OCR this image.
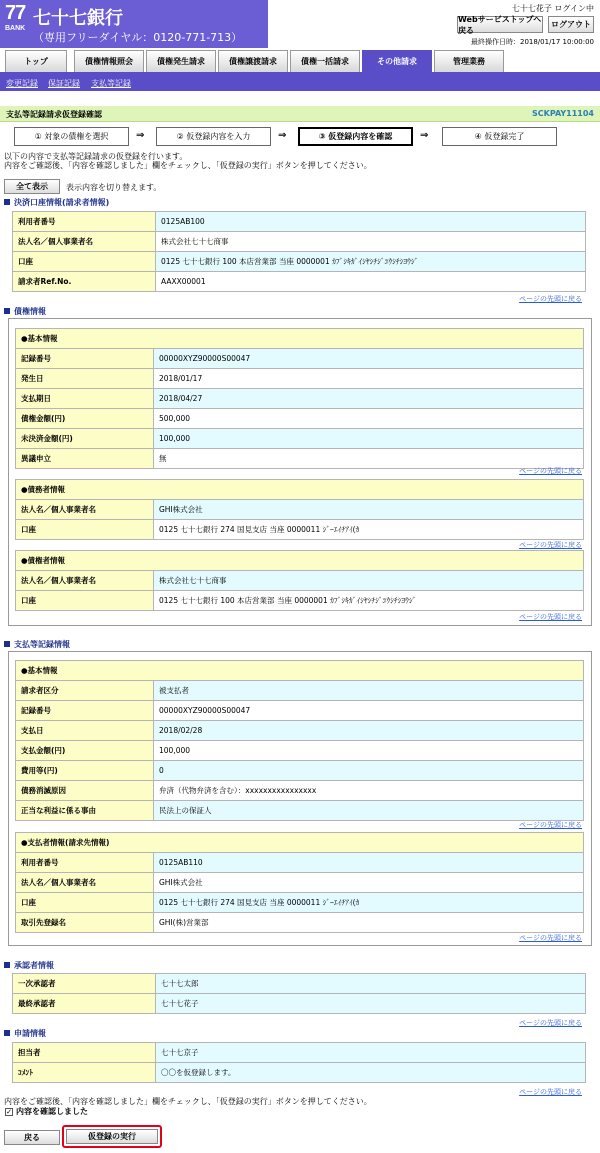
77
BANK 七十七銀行
（専用フリーダイヤル：0120-771-713）
七十七花子 ログイン中
Webサービストップへ戻る
ログアウト
最終操作日時：2018/01/17 10:00:00
トップ	債権情報照会	債権発生請求	債権譲渡請求	債権一括請求	その他請求	管理業務
変更記録 保証記録 支払等記録
支払等記録請求仮登録確認	SCKPAY11104
① 対象の債権を選択	⇒	② 仮登録内容を入力	⇒	③ 仮登録内容を確認	⇒	④ 仮登録完了
以下の内容で支払等記録請求の仮登録を行います。
内容をご確認後、「内容を確認しました」欄をチェックし、「仮登録の実行」ボタンを押してください。
全て表示	表示内容を切り替えます。
決済口座情報(請求者情報)
利用者番号	0125AB100
法人名／個人事業者名	株式会社七十七商事
口座	0125 七十七銀行 100 本店営業部 当座 0000001 ｶﾌﾞｼｷｶﾞｲｼﾔｼﾁｼﾞﾕｳｼﾁｼﾖｳｼﾞ
請求者Ref.No.	AAXX00001
ページの先頭に戻る
債権情報
●基本情報	
記録番号	00000XYZ90000S00047
発生日	2018/01/17
支払期日	2018/04/27
債権金額(円)	500,000
未決済金額(円)	100,000
異議申立	無
ページの先頭に戻る
●債務者情報	
法人名／個人事業者名	GHI株式会社
口座	0125 七十七銀行 274 国見支店 当座 0000011 ｼﾞｰｴｲﾁｱｲ(ｶ
ページの先頭に戻る
●債権者情報	
法人名／個人事業者名	株式会社七十七商事
口座	0125 七十七銀行 100 本店営業部 当座 0000001 ｶﾌﾞｼｷｶﾞｲｼﾔｼﾁｼﾞﾕｳｼﾁｼﾖｳｼﾞ
ページの先頭に戻る
支払等記録情報
●基本情報	
請求者区分	被支払者
記録番号	00000XYZ90000S00047
支払日	2018/02/28
支払金額(円)	100,000
費用等(円)	0
債務消滅原因	弁済（代物弁済を含む）：xxxxxxxxxxxxxxxx
正当な利益に係る事由	民法上の保証人
ページの先頭に戻る
●支払者情報(請求先情報)	
利用者番号	0125AB110
法人名／個人事業者名	GHI株式会社
口座	0125 七十七銀行 274 国見支店 当座 0000011 ｼﾞｰｴｲﾁｱｲ(ｶ
取引先登録名	GHI(株)営業部
ページの先頭に戻る
承認者情報
一次承認者	七十七太郎
最終承認者	七十七花子
ページの先頭に戻る
申請情報
担当者	七十七京子
ｺﾒﾝﾄ	〇〇を仮登録します。
ページの先頭に戻る
内容をご確認後、「内容を確認しました」欄をチェックし、「仮登録の実行」ボタンを押してください。
✓ 内容を確認しました
戻る	仮登録の実行
